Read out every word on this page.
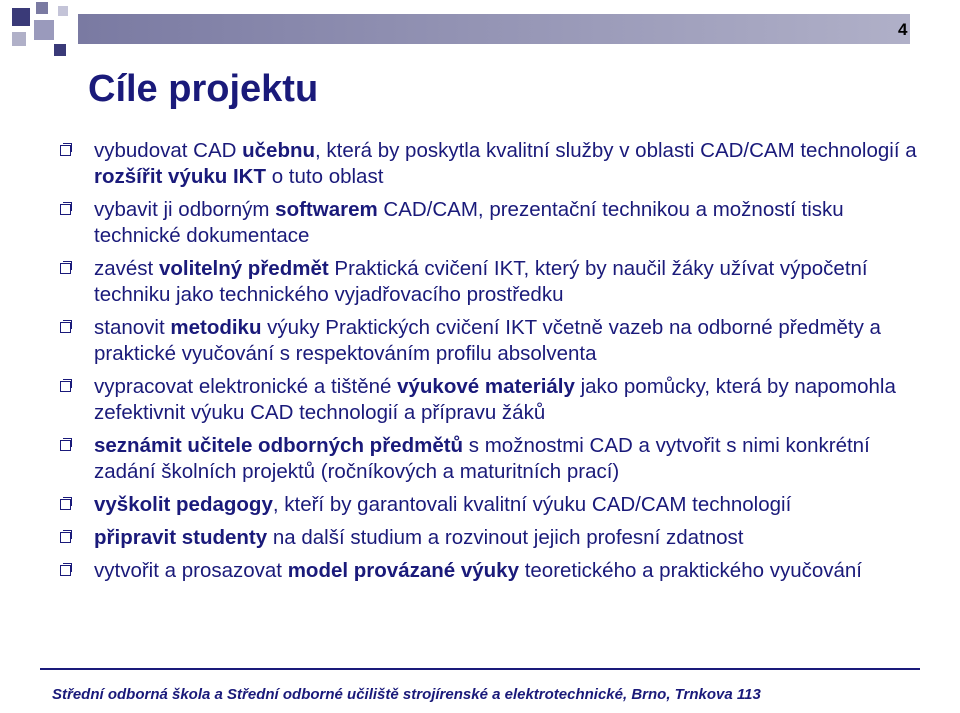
4
Cíle projektu
vybudovat CAD učebnu, která by poskytla kvalitní služby v oblasti CAD/CAM technologií a rozšířit výuku IKT o tuto oblast
vybavit ji odborným softwarem CAD/CAM, prezentační technikou a možností tisku technické dokumentace
zavést volitelný předmět Praktická cvičení IKT, který by naučil žáky užívat výpočetní techniku jako technického vyjadřovacího prostředku
stanovit metodiku výuky Praktických cvičení IKT včetně vazeb na odborné předměty a praktické vyučování s respektováním profilu absolventa
vypracovat elektronické a tištěné výukové materiály jako pomůcky, která by napomohla zefektivnit výuku CAD technologií a přípravu žáků
seznámit učitele odborných předmětů s možnostmi CAD a vytvořit s nimi konkrétní zadání školních projektů (ročníkových a maturitních prací)
vyškolit pedagogy, kteří by garantovali kvalitní výuku CAD/CAM technologií
připravit studenty na další studium a rozvinout jejich profesní zdatnost
vytvořit a prosazovat model provázané výuky teoretického a praktického vyučování
Střední odborná škola a Střední odborné učiliště strojírenské a elektrotechnické, Brno, Trnkova 113
